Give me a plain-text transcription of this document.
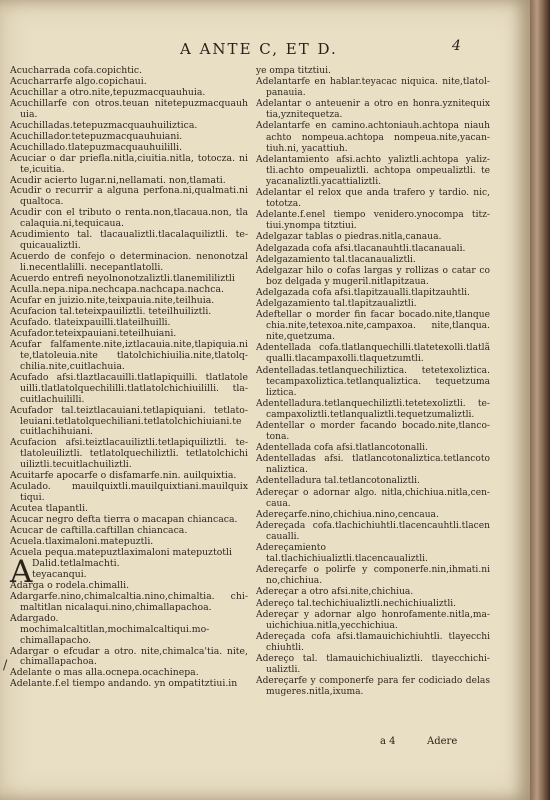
A ANTE C, ET D.	4
/

Acucharrada cofa.copichtic.

Acucharrarfe algo.copichaui.

Acuchillar a otro.nite,tepuzmacquauhuia.

Acuchillarfe con otros.teuan nitetepuzmacquauh uia.

Acuchilladas.tetepuzmacquauhuiliztica.

Acuchillador.tetepuzmacquauhuiani.

Acuchillado.tlatepuzmacquauhuililli.

Acuciar o dar priefla.nitla,ciuitia.nitla, totocza. ni te,icuitia.

Acudir acierto lugar.ni,nellamati. non,tlamati.

Acudir o recurrir a alguna perfona.ni,qualmati.ni qualtoca.

Acudir con el tributo o renta.non,tlacaua.non, tla calaquia.ni,tequicaua.

Acudimiento tal. tlacaualiztli.tlacalaquiliztli. te-quicaualiztli.

Acuerdo de confejo o determinacion. nenonotzal li.necentlalilli. necepantlatolli.

Acuerdo entrefi neyolnonotzaliztli.tlanemililiztli

Aculla.nepa.nipa.nechcapa.nachcapa.nachca.

Acufar en juizio.nite,teixpauia.nite,teilhuia.

Acufacion tal.teteixpauiliztli. teteilhuiliztli.

Acufado. tlateixpauilli.tlateilhuilli.

Acufador.teteixpauiani.teteilhuiani.

Acufar falfamente.nite,iztlacauia.nite,tlapiquia.ni te,tlatoleuia.nite tlatolchichiuilia.nite,tlatolq-chilia.nite,cuitlachuia.

Acufado afsi.tlaztlacauilli.tlatlapiquilli. tlatlatole uilli.tlatlatolquechililli.tlatlatolchichiuililli. tla-cuitlachuililli.

Acufador tal.teiztlacauiani.tetlapiquiani. tetlato-leuiani.tetlatolquechiliani.tetlatolchichiuiani.te cuitlachihuiani.

Acufacion afsi.teiztlacauiliztli.tetlapiquiliztli. te-tlatoleuiliztli. tetlatolquechiliztli. tetlatolchichi uiliztli.tecuitlachuiliztli.

Acuitarfe apocarfe o disfamarfe.nin. auilquixtia.

Aculado. mauilquixtli.mauilquixtiani.mauilquix tiqui.

Acutea tlapantli.

Acucar negro defta tierra o macapan chiancaca.

Acucar de caftilla.caftillan chiancaca.

Acuela.tlaximaloni.matepuztli.

Acuela pequa.matepuztlaximaloni matepuztotli

A Dalid.tetlalmachti.

teyacanqui.

Adarga o rodela.chimalli.

Adargarfe.nino,chimalcaltia.nino,chimaltia. chi-maltitlan nicalaqui.nino,chimallapachoa.

Adargado. mochimalcaltitlan,mochimalcaltiqui.mo-chimallapacho.

Adargar o efcudar a otro. nite,chimalca'tia. nite, chimallapachoa.

Adelante o mas alla.ocnepa.ocachinepa.

Adelante.f.el tiempo andando. yn ompatitztiui.in

ye ompa titztiui.

Adelantarfe en hablar.teyacac niquica. nite,tlatol-panauia.

Adelantar o anteuenir a otro en honra.yznitequix tia,yznitequetza.

Adelantarfe en camino.achtoniauh.achtopa niauh achto nompeua.achtopa nompeua.nite,yacan-tiuh.ni, yacattiuh.

Adelantamiento afsi.achto yaliztli.achtopa yaliz-tli.achto ompeualiztli. achtopa ompeualiztli. te yacanaliztli.yacattializtli.

Adelantar el relox que anda trafero y tardio. nic, tototza.

Adelante.f.enel tiempo venidero.ynocompa titz-tiui.ynompa titztiui.

Adelgazar tablas o piedras.nitla,canaua.

Adelgazada cofa afsi.tlacanauhtli.tlacanauali.

Adelgazamiento tal.tlacanaualiztli.

Adelgazar hilo o cofas largas y rollizas o catar co boz delgada y mugeril.nitlapitzaua.

Adelgazada cofa afsi.tlapitzaualli.tlapitzauhtli.

Adelgazamiento tal.tlapitzaualiztli.

Adeftellar o morder fin facar bocado.nite,tlanque chia.nite,tetexoa.nite,campaxoa. nite,tlanqua. nite,quetzuma.

Adentellada cofa.tlatlanquechilli.tlatetexolli.tlatlã qualli.tlacampaxolli.tlaquetzumtli.

Adentelladas.tetlanquechiliztica. tetetexoliztica. tecampaxoliztica.tetlanqualiztica. tequetzuma liztica.

Adentelladura.tetlanquechiliztli.tetetexoliztli. te-campaxoliztli.tetlanqualiztli.tequetzumaliztli.

Adentellar o morder facando bocado.nite,tlanco-tona.

Adentellada cofa afsi.tlatlancotonalli.

Adentelladas afsi. tlatlancotonaliztica.tetlancoto naliztica.

Adentelladura tal.tetlancotonaliztli.

Adereçar o adornar algo. nitla,chichiua.nitla,cen-caua.

Adereçarfe.nino,chichiua.nino,cencaua.

Adereçada cofa.tlachichiuhtli.tlacencauhtli.tlacen caualli.

Adereçamiento tal.tlachichiualiztli.tlacencaualiztli.

Adereçarfe o polirfe y componerfe.nin,ihmati.ni no,chichiua.

Adereçar a otro afsi.nite,chichiua.

Adereço tal.techichiualiztli.nechichiualiztli.

Adereçar y adornar algo honrofamente.nitla,ma-uichichiua.nitla,yecchichiua.

Adereçada cofa afsi.tlamauichichiuhtli. tlayecchi chiuhtli.

Adereço tal. tlamauichichiualiztli. tlayecchichi-ualiztli.

Adereçarfe y componerfe para fer codiciado delas mugeres.nitla,ixuma.

a 4	Adere
